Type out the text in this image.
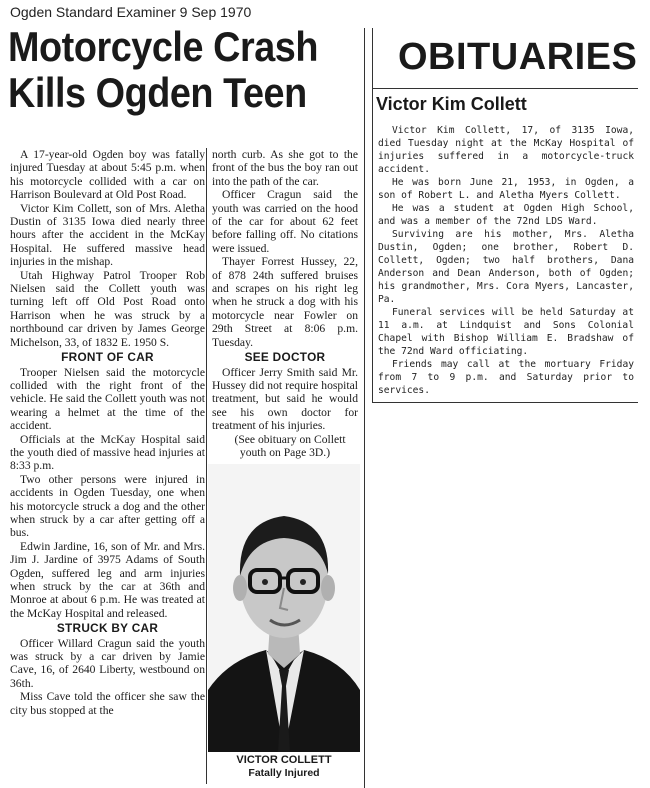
Ogden Standard Examiner 9 Sep 1970
Motorcycle Crash
Kills Ogden Teen
OBITUARIES

A 17-year-old Ogden boy was fatally injured Tuesday at about 5:45 p.m. when his motorcycle collided with a car on Harrison Boulevard at Old Post Road.

Victor Kim Collett, son of Mrs. Aletha Dustin of 3135 Iowa died nearly three hours after the accident in the McKay Hospital. He suffered massive head injuries in the mishap.

Utah Highway Patrol Trooper Rob Nielsen said the Collett youth was turning left off Old Post Road onto Harrison when he was struck by a northbound car driven by James George Michelson, 33, of 1832 E. 1950 S.

FRONT OF CAR

Trooper Nielsen said the motorcycle collided with the right front of the vehicle. He said the Collett youth was not wearing a helmet at the time of the accident.

Officials at the McKay Hospital said the youth died of massive head injuries at 8:33 p.m.

Two other persons were injured in accidents in Ogden Tuesday, one when his motorcycle struck a dog and the other when struck by a car after getting off a bus.

Edwin Jardine, 16, son of Mr. and Mrs. Jim J. Jardine of 3975 Adams of South Ogden, suffered leg and arm injuries when struck by the car at 36th and Monroe at about 6 p.m. He was treated at the McKay Hospital and released.

STRUCK BY CAR

Officer Willard Cragun said the youth was struck by a car driven by Jamie Cave, 16, of 2640 Liberty, westbound on 36th.

Miss Cave told the officer she saw the city bus stopped at the

north curb. As she got to the front of the bus the boy ran out into the path of the car.

Officer Cragun said the youth was carried on the hood of the car for about 62 feet before falling off. No citations were issued.

Thayer Forrest Hussey, 22, of 878 24th suffered bruises and scrapes on his right leg when he struck a dog with his motorcycle near Fowler on 29th Street at 8:06 p.m. Tuesday.

SEE DOCTOR

Officer Jerry Smith said Mr. Hussey did not require hospital treatment, but said he would see his own doctor for treatment of his injuries.

(See obituary on Collett youth on Page 3D.)

VICTOR COLLETT
Fatally Injured
Victor Kim Collett

Victor Kim Collett, 17, of 3135 Iowa, died Tuesday night at the McKay Hospital of injuries suffered in a motorcycle-truck accident.

He was born June 21, 1953, in Ogden, a son of Robert L. and Aletha Myers Collett.

He was a student at Ogden High School, and was a member of the 72nd LDS Ward.

Surviving are his mother, Mrs. Aletha Dustin, Ogden; one brother, Robert D. Collett, Ogden; two half brothers, Dana Anderson and Dean Anderson, both of Ogden; his grandmother, Mrs. Cora Myers, Lancaster, Pa.

Funeral services will be held Saturday at 11 a.m. at Lindquist and Sons Colonial Chapel with Bishop William E. Bradshaw of the 72nd Ward officiating.

Friends may call at the mortuary Friday from 7 to 9 p.m. and Saturday prior to services.
